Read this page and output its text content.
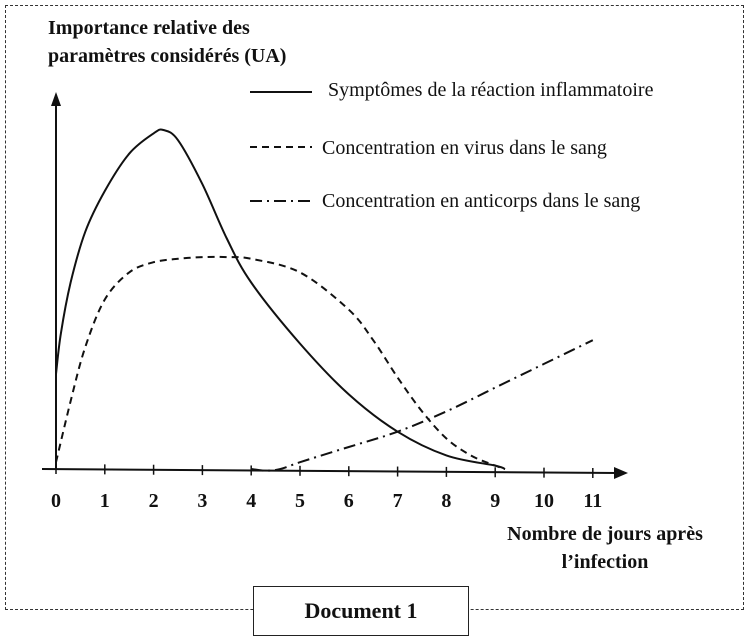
Importance relative des
paramètres considérés (UA)
0 1 2 3 4 5 6 7 8 9 10 11
Symptômes de la réaction inflammatoire
Concentration en virus dans le sang
Concentration en anticorps dans le sang
Nombre de jours après
l’infection
Document 1
